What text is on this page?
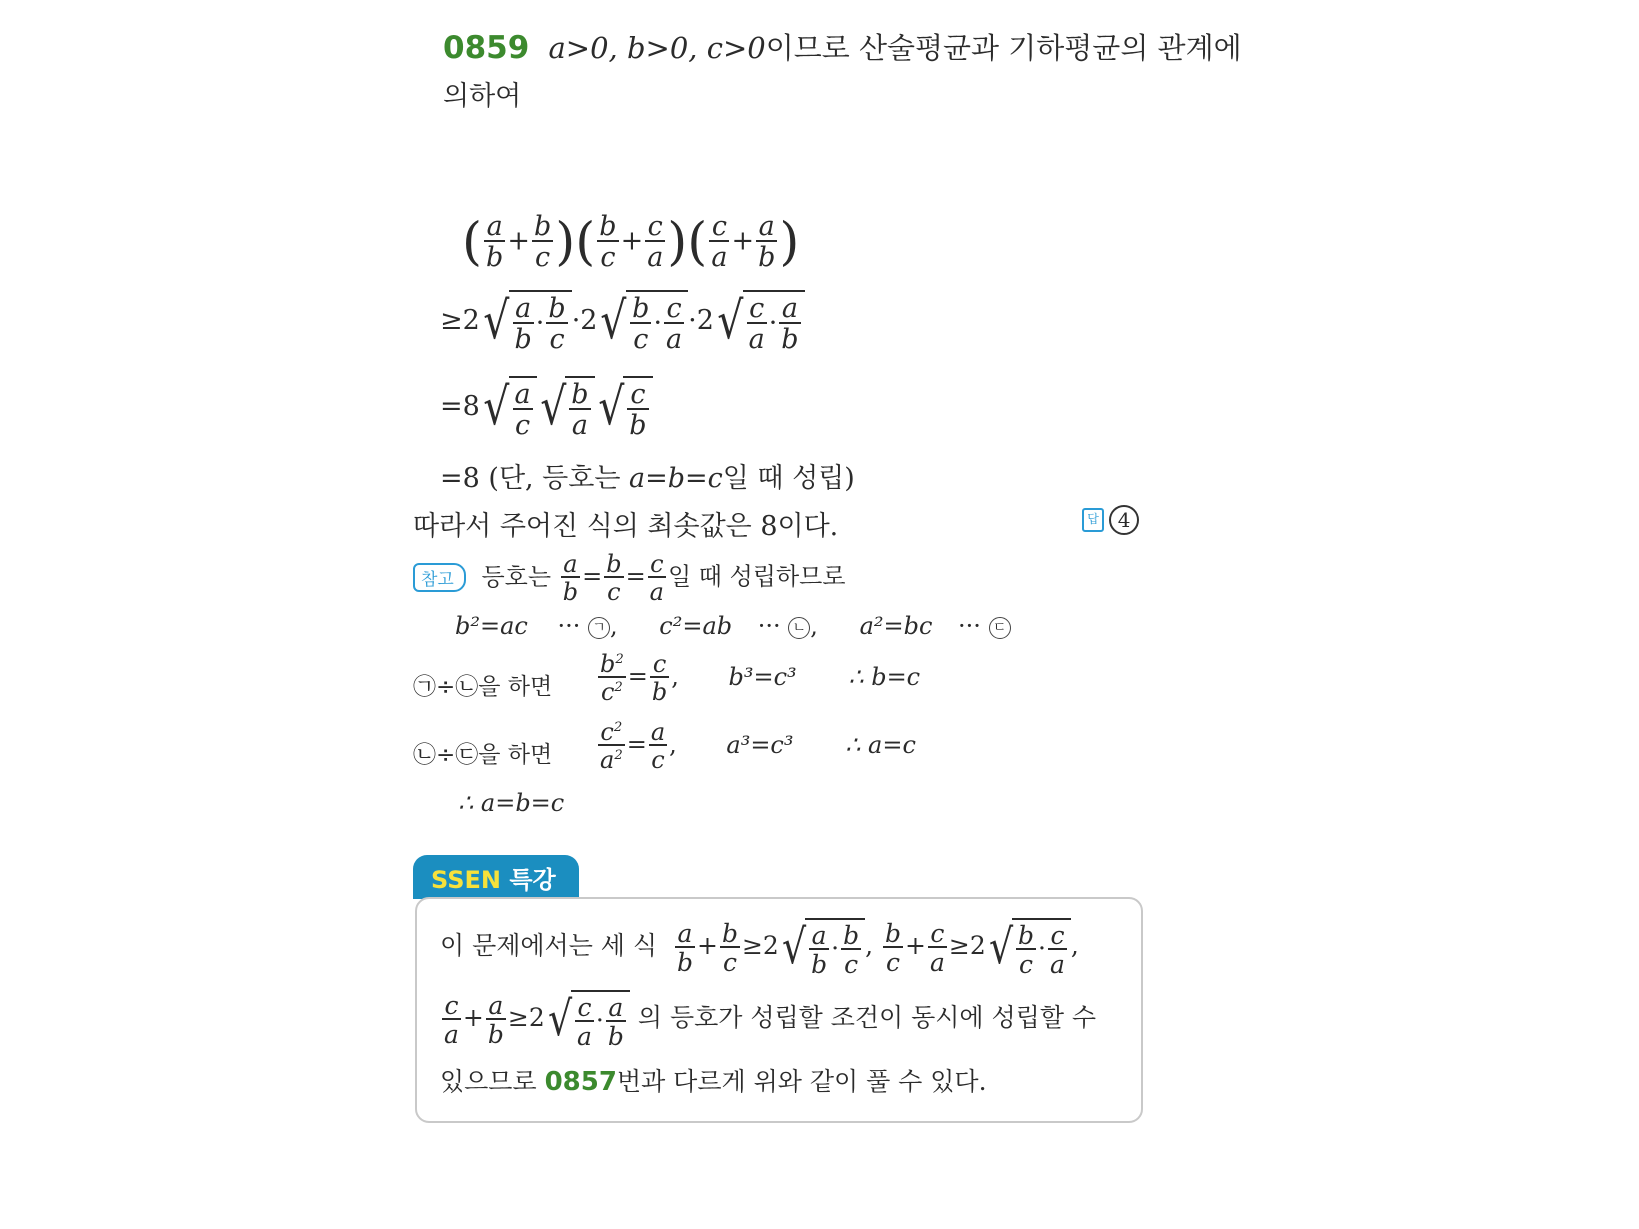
0859 a>0, b>0, c>0이므로 산술평균과 기하평균의 관계에
의하여
( $\frac{a}{b} + \frac{b}{c}$ )( $\frac{b}{c} + \frac{c}{a}$ )( $\frac{c}{a} + \frac{a}{b}$ )
$\ge 2√ \frac{a}{b} \cdot \frac{b}{c} \cdot 2√ \frac{b}{c} \cdot \frac{c}{a} \cdot 2√ \frac{c}{a} \cdot \frac{a}{b}$
$=8√ \frac{a}{c}$ √ $\frac{b}{a}$ √ $\frac{c}{b}$
=8 (단, 등호는 a=b=c일 때 성립)
따라서 주어진 식의 최솟값은 8이다.	답 4
참고 등호는 $\frac{a}{b} = \frac{b}{c} = \frac{c}{a}$ 일 때 성립하므로
b²=ac ··· ㄱ , c²=ab ··· ㄴ , a²=bc ··· ㄷ
㉠÷㉡을 하면 $\frac{b^2}{c^2} = \frac{c}{b}$ , b³=c³ ∴ b=c
㉡÷㉢을 하면 $\frac{c^2}{a^2} = \frac{a}{c}$ , a³=c³ ∴ a=c
∴ a=b=c
SSEN 특강
이 문제에서는 세 식 $\frac{a}{b} + \frac{b}{c} \ge 2√ \frac{a}{b} \cdot \frac{b}{c}$ , $\frac{b}{c} + \frac{c}{a} \ge 2√ \frac{b}{c} \cdot \frac{c}{a}$ ,
$\frac{c}{a} + \frac{a}{b} \ge 2√ \frac{c}{a} \cdot \frac{a}{b}$ 의 등호가 성립할 조건이 동시에 성립할 수
있으므로 0857번과 다르게 위와 같이 풀 수 있다.
